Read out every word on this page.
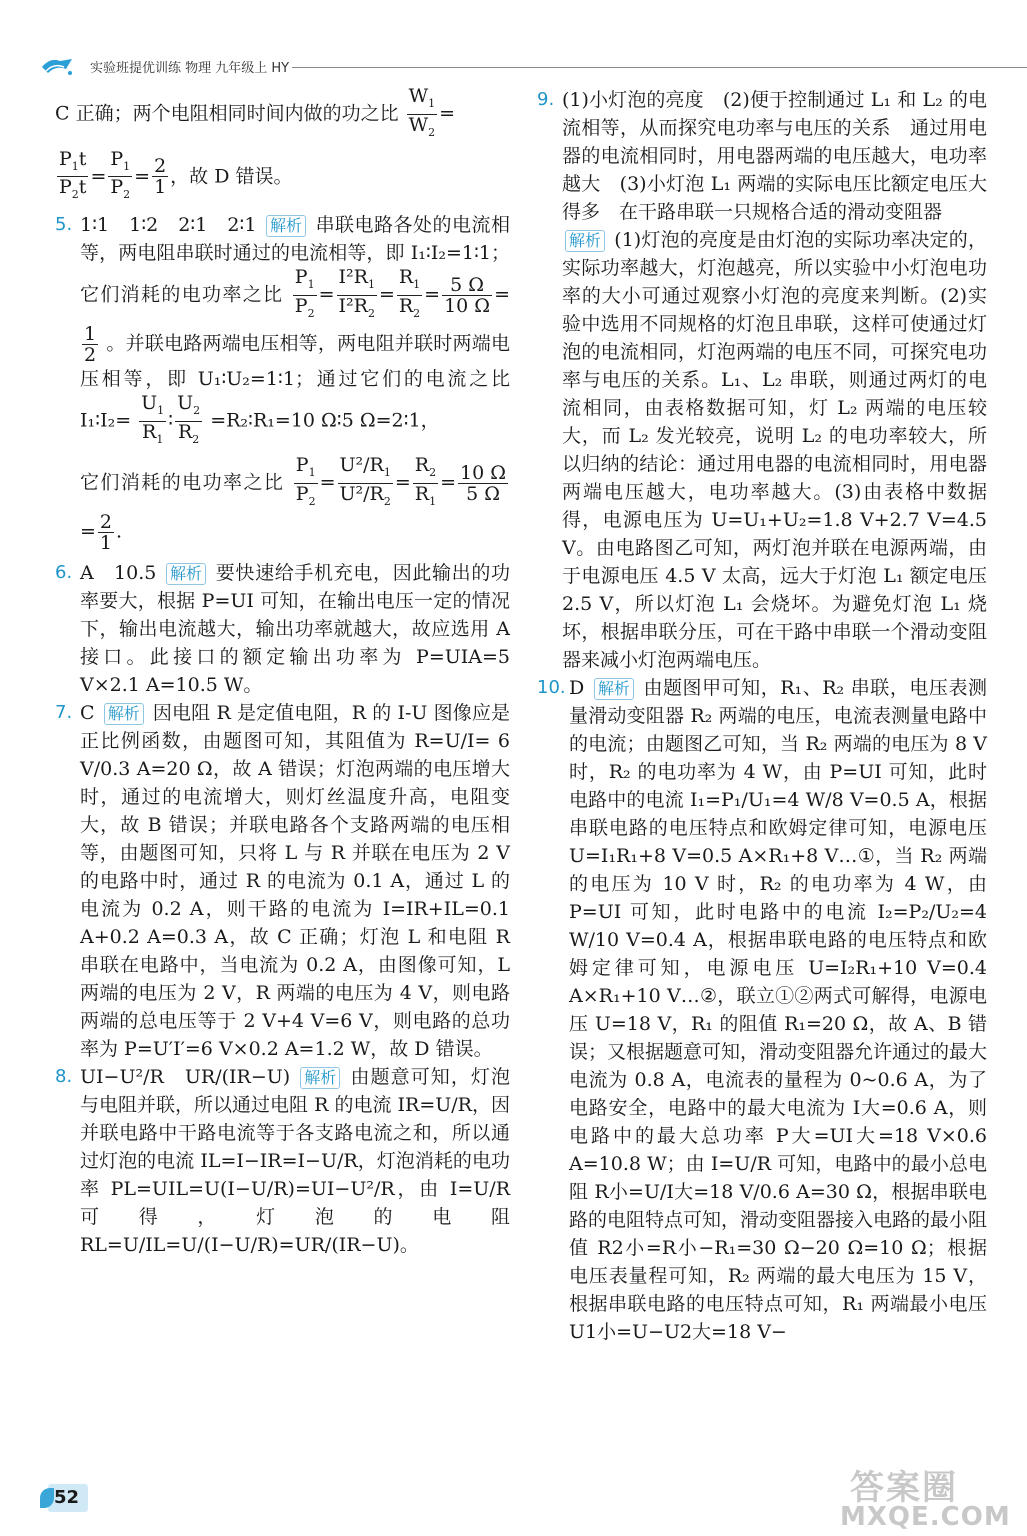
实验班提优训练 物理 九年级上 HY

C 正确；两个电阻相同时间内做的功之比 $\frac{W_1}{W_2}$ =

$\frac{P_1t}{P_2t} = \frac{P_1}{P_2} = \frac{2}{1}$ ，故 D 错误。

5. 1∶1　1∶2　2∶1　2∶1 解析 串联电路各处的电流相等，两电阻串联时通过的电流相等，即 I₁∶I₂=1∶1；它们消耗的电功率之比 $\frac{P_1}{P_2} = \frac{I^2R_1}{I^2R_2} = \frac{R_1}{R_2} = \frac{5 \Omega}{10 \Omega}$ =
$\frac{1}{2}$ 。并联电路两端电压相等，两电阻并联时两端电压相等，即 U₁∶U₂=1∶1；通过它们的电流之比 I₁∶I₂= $\frac{U_1}{R_1}$ ∶ $\frac{U_2}{R_2}$ =R₂∶R₁=10 Ω∶5 Ω=2∶1，
它们消耗的电功率之比 $\frac{P_1}{P_2} = \frac{U^2/R_1}{U^2/R_2} = \frac{R_2}{R_1} = \frac{10 \Omega}{5 \Omega}$
= $\frac{2}{1}$ .
6. A　10.5 解析 要快速给手机充电，因此输出的功率要大，根据 P=UI 可知，在输出电压一定的情况下，输出电流越大，输出功率就越大，故应选用 A 接口。此接口的额定输出功率为 P=UIA=5 V×2.1 A=10.5 W。
7. C 解析 因电阻 R 是定值电阻，R 的 I-U 图像应是正比例函数，由题图可知，其阻值为 R=U/I= 6 V/0.3 A=20 Ω，故 A 错误；灯泡两端的电压增大时，通过的电流增大，则灯丝温度升高，电阻变大，故 B 错误；并联电路各个支路两端的电压相等，由题图可知，只将 L 与 R 并联在电压为 2 V 的电路中时，通过 R 的电流为 0.1 A，通过 L 的电流为 0.2 A，则干路的电流为 I=IR+IL=0.1 A+0.2 A=0.3 A，故 C 正确；灯泡 L 和电阻 R 串联在电路中，当电流为 0.2 A，由图像可知，L 两端的电压为 2 V，R 两端的电压为 4 V，则电路两端的总电压等于 2 V+4 V=6 V，则电路的总功率为 P=U′I′=6 V×0.2 A=1.2 W，故 D 错误。
8. UI−U²/R　UR/(IR−U) 解析 由题意可知，灯泡与电阻并联，所以通过电阻 R 的电流 IR=U/R，因并联电路中干路电流等于各支路电流之和，所以通过灯泡的电流 IL=I−IR=I−U/R，灯泡消耗的电功率 PL=UIL=U(I−U/R)=UI−U²/R，由 I=U/R 可得，灯泡的电阻 RL=U/IL=U/(I−U/R)=UR/(IR−U)。
9. (1)小灯泡的亮度　(2)便于控制通过 L₁ 和 L₂ 的电流相等，从而探究电功率与电压的关系　通过用电器的电流相同时，用电器两端的电压越大，电功率越大　(3)小灯泡 L₁ 两端的实际电压比额定电压大得多　在干路串联一只规格合适的滑动变阻器
解析 (1)灯泡的亮度是由灯泡的实际功率决定的，实际功率越大，灯泡越亮，所以实验中小灯泡电功率的大小可通过观察小灯泡的亮度来判断。(2)实验中选用不同规格的灯泡且串联，这样可使通过灯泡的电流相同，灯泡两端的电压不同，可探究电功率与电压的关系。L₁、L₂ 串联，则通过两灯的电流相同，由表格数据可知，灯 L₂ 两端的电压较大，而 L₂ 发光较亮，说明 L₂ 的电功率较大，所以归纳的结论：通过用电器的电流相同时，用电器两端电压越大，电功率越大。(3)由表格中数据得，电源电压为 U=U₁+U₂=1.8 V+2.7 V=4.5 V。由电路图乙可知，两灯泡并联在电源两端，由于电源电压 4.5 V 太高，远大于灯泡 L₁ 额定电压 2.5 V，所以灯泡 L₁ 会烧坏。为避免灯泡 L₁ 烧坏，根据串联分压，可在干路中串联一个滑动变阻器来减小灯泡两端电压。
10. D 解析 由题图甲可知，R₁、R₂ 串联，电压表测量滑动变阻器 R₂ 两端的电压，电流表测量电路中的电流；由题图乙可知，当 R₂ 两端的电压为 8 V 时，R₂ 的电功率为 4 W，由 P=UI 可知，此时电路中的电流 I₁=P₁/U₁=4 W/8 V=0.5 A，根据串联电路的电压特点和欧姆定律可知，电源电压 U=I₁R₁+8 V=0.5 A×R₁+8 V…①，当 R₂ 两端的电压为 10 V 时，R₂ 的电功率为 4 W，由 P=UI 可知，此时电路中的电流 I₂=P₂/U₂=4 W/10 V=0.4 A，根据串联电路的电压特点和欧姆定律可知，电源电压 U=I₂R₁+10 V=0.4 A×R₁+10 V…②，联立①②两式可解得，电源电压 U=18 V，R₁ 的阻值 R₁=20 Ω，故 A、B 错误；又根据题意可知，滑动变阻器允许通过的最大电流为 0.8 A，电流表的量程为 0~0.6 A，为了电路安全，电路中的最大电流为 I大=0.6 A，则电路中的最大总功率 P大=UI大=18 V×0.6 A=10.8 W；由 I=U/R 可知，电路中的最小总电阻 R小=U/I大=18 V/0.6 A=30 Ω，根据串联电路的电阻特点可知，滑动变阻器接入电路的最小阻值 R2小=R小−R₁=30 Ω−20 Ω=10 Ω；根据电压表量程可知，R₂ 两端的最大电压为 15 V，根据串联电路的电压特点可知，R₁ 两端最小电压 U1小=U−U2大=18 V−
52	答案圈
MXQE.COM
